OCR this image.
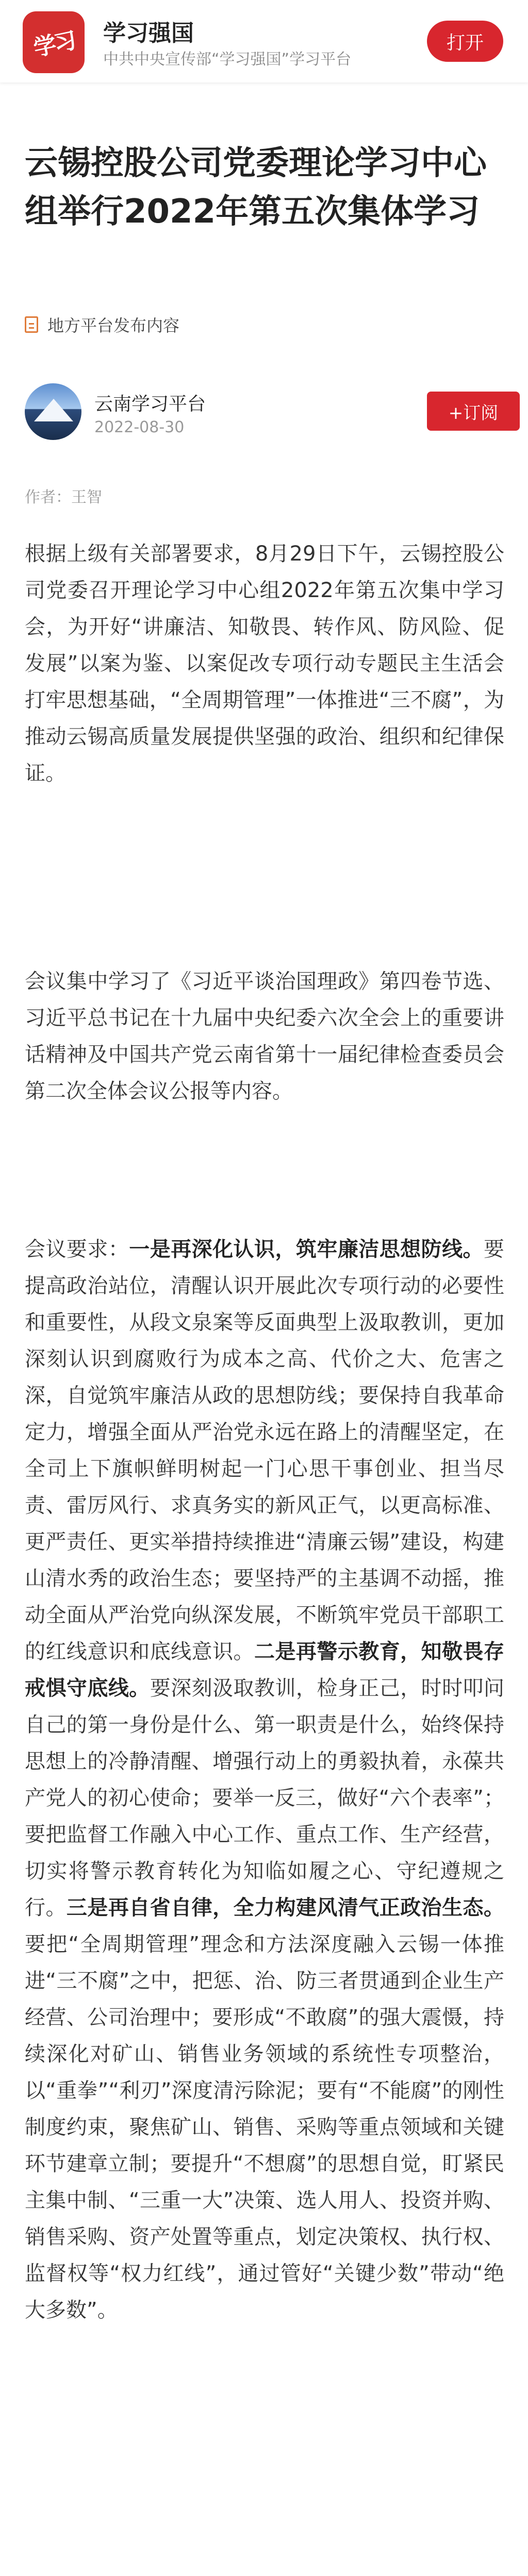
学习 学习强国
中共中央宣传部“学习强国”学习平台
打开
云锡控股公司党委理论学习中心组举行2022年第五次集体学习
地方平台发布内容
云南学习平台
2022-08-30
+订阅
作者：王智

根据上级有关部署要求，8月29日下午，云锡控股公司党委召开理论学习中心组2022年第五次集中学习会，为开好“讲廉洁、知敬畏、转作风、防风险、促发展”以案为鉴、以案促改专项行动专题民主生活会打牢思想基础，“全周期管理”一体推进“三不腐”，为推动云锡高质量发展提供坚强的政治、组织和纪律保证。

会议集中学习了《习近平谈治国理政》第四卷节选、习近平总书记在十九届中央纪委六次全会上的重要讲话精神及中国共产党云南省第十一届纪律检查委员会第二次全体会议公报等内容。

会议要求：一是再深化认识，筑牢廉洁思想防线。要提高政治站位，清醒认识开展此次专项行动的必要性和重要性，从段文泉案等反面典型上汲取教训，更加深刻认识到腐败行为成本之高、代价之大、危害之深，自觉筑牢廉洁从政的思想防线；要保持自我革命定力，增强全面从严治党永远在路上的清醒坚定，在全司上下旗帜鲜明树起一门心思干事创业、担当尽责、雷厉风行、求真务实的新风正气，以更高标准、更严责任、更实举措持续推进“清廉云锡”建设，构建山清水秀的政治生态；要坚持严的主基调不动摇，推动全面从严治党向纵深发展，不断筑牢党员干部职工的红线意识和底线意识。二是再警示教育，知敬畏存戒惧守底线。要深刻汲取教训，检身正己，时时叩问自己的第一身份是什么、第一职责是什么，始终保持思想上的冷静清醒、增强行动上的勇毅执着，永葆共产党人的初心使命；要举一反三，做好“六个表率”；要把监督工作融入中心工作、重点工作、生产经营，切实将警示教育转化为知临如履之心、守纪遵规之行。三是再自省自律，全力构建风清气正政治生态。要把“全周期管理”理念和方法深度融入云锡一体推进“三不腐”之中，把惩、治、防三者贯通到企业生产经营、公司治理中；要形成“不敢腐”的强大震慑，持续深化对矿山、销售业务领域的系统性专项整治，以“重拳”“利刃”深度清污除泥；要有“不能腐”的刚性制度约束，聚焦矿山、销售、采购等重点领域和关键环节建章立制；要提升“不想腐”的思想自觉，盯紧民主集中制、“三重一大”决策、选人用人、投资并购、销售采购、资产处置等重点，划定决策权、执行权、监督权等“权力红线”，通过管好“关键少数”带动“绝大多数”。
